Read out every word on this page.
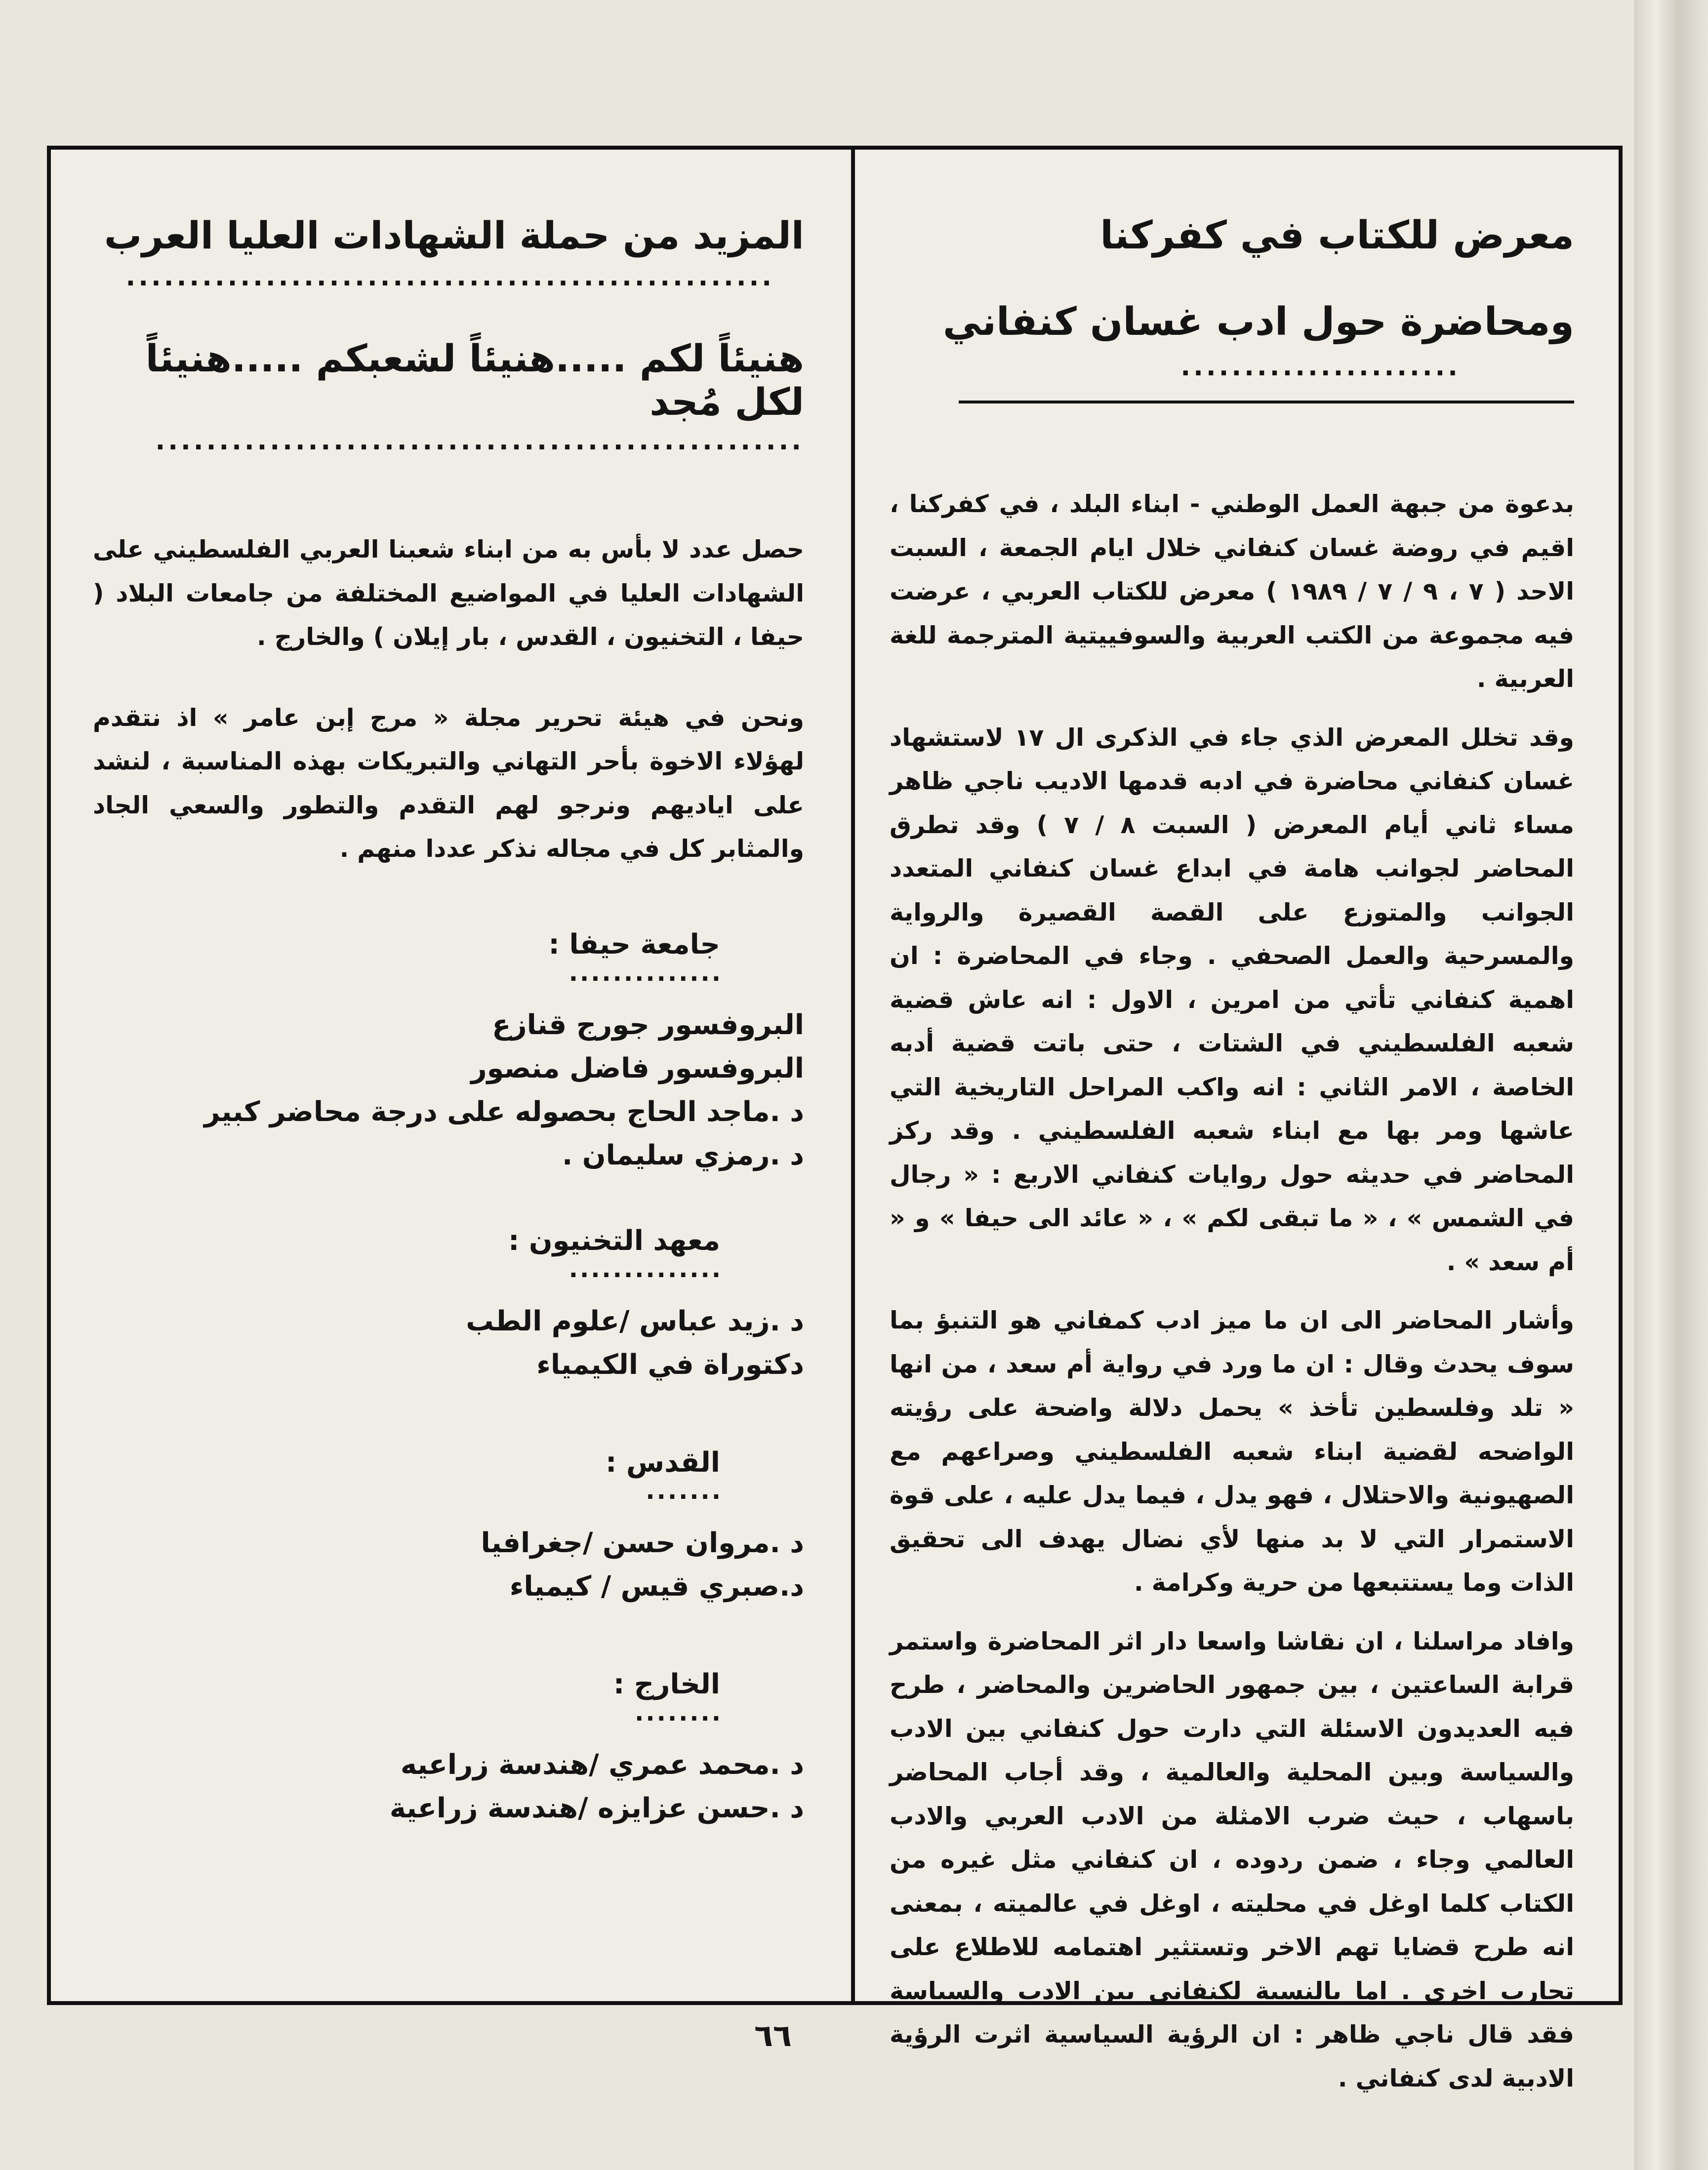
معرض للكتاب في كفركنا
ومحاضرة حول ادب غسان كنفاني
......................

بدعوة من جبهة العمل الوطني - ابناء البلد ، في كفركنا ، اقيم في روضة غسان كنفاني خلال ايام الجمعة ، السبت الاحد ( ٧ ، ٩ / ٧ / ١٩٨٩ ) معرض للكتاب العربي ، عرضت فيه مجموعة من الكتب العربية والسوفييتية المترجمة للغة العربية .

وقد تخلل المعرض الذي جاء في الذكرى ال ١٧ لاستشهاد غسان كنفاني محاضرة في ادبه قدمها الاديب ناجي ظاهر مساء ثاني أيام المعرض ( السبت ٨ / ٧ ) وقد تطرق المحاضر لجوانب هامة في ابداع غسان كنفاني المتعدد الجوانب والمتوزع على القصة القصيرة والرواية والمسرحية والعمل الصحفي . وجاء في المحاضرة : ان اهمية كنفاني تأتي من امرين ، الاول : انه عاش قضية شعبه الفلسطيني في الشتات ، حتى باتت قضية أدبه الخاصة ، الامر الثاني : انه واكب المراحل التاريخية التي عاشها ومر بها مع ابناء شعبه الفلسطيني . وقد ركز المحاضر في حديثه حول روايات كنفاني الاربع : « رجال في الشمس » ، « ما تبقى لكم » ، « عائد الى حيفا » و « أم سعد » .

وأشار المحاضر الى ان ما ميز ادب كمفاني هو التنبؤ بما سوف يحدث وقال : ان ما ورد في رواية أم سعد ، من انها « تلد وفلسطين تأخذ » يحمل دلالة واضحة على رؤيته الواضحه لقضية ابناء شعبه الفلسطيني وصراعهم مع الصهيونية والاحتلال ، فهو يدل ، فيما يدل عليه ، على قوة الاستمرار التي لا بد منها لأي نضال يهدف الى تحقيق الذات وما يستتبعها من حرية وكرامة .

وافاد مراسلنا ، ان نقاشا واسعا دار اثر المحاضرة واستمر قرابة الساعتين ، بين جمهور الحاضرين والمحاضر ، طرح فيه العديدون الاسئلة التي دارت حول كنفاني بين الادب والسياسة وبين المحلية والعالمية ، وقد أجاب المحاضر باسهاب ، حيث ضرب الامثلة من الادب العربي والادب العالمي وجاء ، ضمن ردوده ، ان كنفاني مثل غيره من الكتاب كلما اوغل في محليته ، اوغل في عالميته ، بمعنى انه طرح قضايا تهم الاخر وتستثير اهتمامه للاطلاع على تجارب اخرى . اما بالنسبة لكنفاني بين الادب والسياسة فقد قال ناجي ظاهر : ان الرؤية السياسية اثرت الرؤية الادبية لدى كنفاني .

المزيد من حملة الشهادات العليا العرب
...................................................
هنيئاً لكم .....هنيئاً لشعبكم .....هنيئاً لكل مُجد
...................................................

حصل عدد لا بأس به من ابناء شعبنا العربي الفلسطيني على الشهادات العليا في المواضيع المختلفة من جامعات البلاد ( حيفا ، التخنيون ، القدس ، بار إيلان ) والخارج .

ونحن في هيئة تحرير مجلة « مرج إبن عامر » اذ نتقدم لهؤلاء الاخوة بأحر التهاني والتبريكات بهذه المناسبة ، لنشد على اياديهم ونرجو لهم التقدم والتطور والسعي الجاد والمثابر كل في مجاله نذكر عددا منهم .

جامعة حيفا :

..............
البروفسور جورج قنازع
البروفسور فاضل منصور
د .ماجد الحاج بحصوله على درجة محاضر كبير
د .رمزي سليمان .

معهد التخنيون :

..............
د .زيد عباس /علوم الطب
دكتوراة في الكيمياء

القدس :

.......
د .مروان حسن /جغرافيا
د.صبري قيس / كيمياء

الخارج :

........
د .محمد عمري /هندسة زراعيه
د .حسن عزايزه /هندسة زراعية
٦٦
